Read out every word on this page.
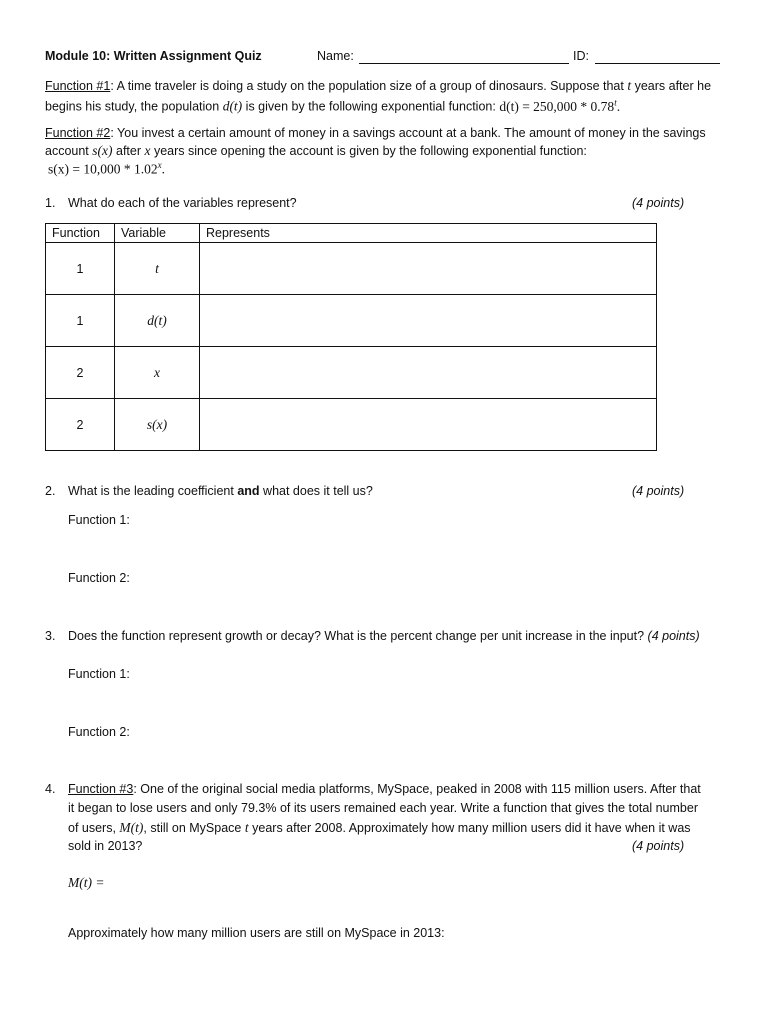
Module 10: Written Assignment Quiz	Name:	ID:
Function #1: A time traveler is doing a study on the population size of a group of dinosaurs. Suppose that t years after he
begins his study, the population d(t) is given by the following exponential function: d(t) = 250,000 * 0.78$^t$.
Function #2: You invest a certain amount of money in a savings account at a bank. The amount of money in the savings
account s(x) after x years since opening the account is given by the following exponential function:
s(x) = 10,000 * 1.02$^x$.
1. What do each of the variables represent?	(4 points)
Function	Variable	Represents
1	t	
1	d(t)	
2	x	
2	s(x)	
2. What is the leading coefficient and what does it tell us?	(4 points)
Function 1:
Function 2:
3. Does the function represent growth or decay? What is the percent change per unit increase in the input? (4 points)
Function 1:
Function 2:
4. Function #3: One of the original social media platforms, MySpace, peaked in 2008 with 115 million users. After that
it began to lose users and only 79.3% of its users remained each year. Write a function that gives the total number
of users, M(t), still on MySpace t years after 2008. Approximately how many million users did it have when it was
sold in 2013?	(4 points)
M(t) =
Approximately how many million users are still on MySpace in 2013:
